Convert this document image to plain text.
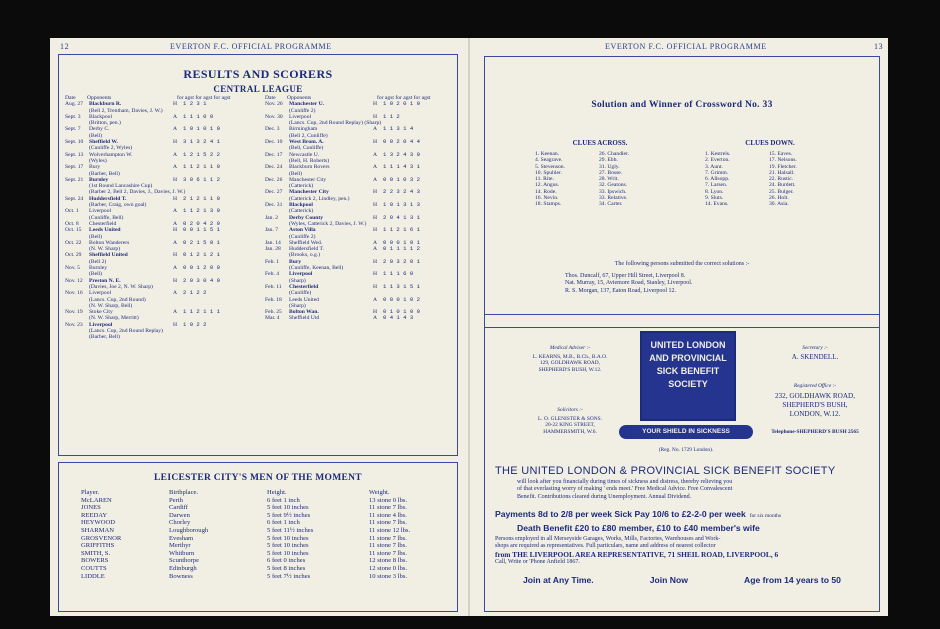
12	EVERTON F.C. OFFICIAL PROGRAMME
RESULTS AND SCORERS
CENTRAL LEAGUE
Date	Opponents	for agst for agst for agst
Aug. 27	Blackburn R.	H	1 2 3 1
	(Bell 2, Trentham, Davies, J. W.)		
Sept. 3	Blackpool	A	1 1 1 0 0
	(Britton, pen.)		
Sept. 7	Derby C.	A	1 0 1 0 1 0
	(Bell)		
Sept. 10	Sheffield W.	H	3 1 3 2 4 1
	(Cunliffe 2, Wyles)		
Sept. 13	Wolverhampton W.	A	1 2 1 5 2 2
	(Wyles)		
Sept. 17	Bury	A	1 1 2 1 1 0
	(Barber, Bell)		
Sept. 21	Burnley	H	3 0 6 1 1 2
	(1st Round Lancashire Cup)		
	(Barber 2, Bell 2, Davies, J., Davies, J. W.)		
Sept. 24	Huddersfield T.	H	2 1 2 1 1 0
	(Barber, Craig, own goal)		
Oct. 1	Liverpool	A	1 1 2 1 3 0
	(Cunliffe, Bell)		
Oct. 8	Chesterfield	A	0 2 0 4 2 0
Oct. 15	Leeds United	H	0 0 1 1 5 1
	(Bell)		
Oct. 22	Bolton Wanderers	A	0 2 1 5 0 1
	(N. W. Sharp)		
Oct. 29	Sheffield United	H	0 1 2 1 2 1
	(Bell 2)		
Nov. 5	Burnley	A	0 0 1 2 0 0
	(Bell)		
Nov. 12	Preston N. E.	H	2 0 3 0 4 0
	(Davies, Joe 2, N. W. Sharp)		
Nov. 16	Liverpool	A	2 1 2 2
	(Lancs. Cup, 2nd Round)		
	(N. W. Sharp, Bell)		
Nov. 19	Stoke City	A	1 1 2 1 1 1
	(N. W. Sharp, Merritt)		
Nov. 23	Liverpool	H	1 0 2 2
	(Lancs. Cup, 2nd Round Replay)		
	(Barber, Bell)		
Date	Opponents	for agst for agst for agst
Nov. 26	Manchester U.	H	1 0 2 0 1 0
	(Cunliffe 2)		
Nov. 30	Liverpool	H	1 1 2
	(Lancs. Cup, 2nd Round Replay) (Sharp)		
Dec. 3	Birmingham	A	1 1 3 1 4
	(Bell 2, Cunliffe)		
Dec. 10	West Brom. A.	H	0 0 2 0 4 4
	(Bell, Cunliffe)		
Dec. 17	Newcastle U.	A	1 3 2 4 3 0
	(Bell, H. Roberts)		
Dec. 24	Blackburn Rovers	A	1 1 1 4 3 1
	(Bell)		
Dec. 26	Manchester City	A	0 0 1 0 3 2
	(Catterick)		
Dec. 27	Manchester City	H	2 2 3 2 4 3
	(Catterick 2, Lindley, pen.)		
Dec. 31	Blackpool	H	1 0 1 3 1 3
	(Catterick)		
Jan. 2	Derby County	H	2 0 4 1 3 1
	(Wyles, Catterick 2, Davies, J. W.)		
Jan. 7	Aston Villa	H	1 1 2 1 6 1
	(Cunliffe 2)		
Jan. 14	Sheffield Wed.	A	0 0 0 1 0 1
Jan. 28	Huddersfield T.	A	0 1 1 1 1 2
	(Brooks, o.g.)		
Feb. 1	Bury	H	2 0 3 2 0 1
	(Cunliffe, Keenan, Bell)		
Feb. 4	Liverpool	H	1 1 1 6 0
	(Sharp)		
Feb. 11	Chesterfield	H	1 1 3 1 5 1
	(Cunliffe)		
Feb. 18	Leeds United	A	0 0 0 1 0 2
	(Sharp)		
Feb. 25	Bolton Wan.	H	0 1 0 1 0 0
Mar. 4	Sheffield Utd	A	0 4 1 4 3
LEICESTER CITY'S MEN OF THE MOMENT
Player.	Birthplace.	Height.	Weight.
McLAREN	Perth	6 feet 1 inch	13 stone 0 lbs.
JONES	Cardiff	5 feet 10 inches	11 stone 7 lbs.
REEDAY	Darwen	5 feet 9½ inches	11 stone 4 lbs.
HEYWOOD	Chorley	6 feet 1 inch	11 stone 7 lbs.
SHARMAN	Loughborough	5 feet 11½ inches	11 stone 12 lbs.
GROSVENOR	Evesham	5 feet 10 inches	11 stone 7 lbs.
GRIFFITHS	Merthyr	5 feet 10 inches	11 stone 7 lbs.
SMITH, S.	Whitburn	5 feet 10 inches	11 stone 7 lbs.
BOWERS	Scunthorpe	6 feet 0 inches	12 stone 8 lbs.
COUTTS	Edinburgh	5 feet 8 inches	12 stone 0 lbs.
LIDDLE	Bowness	5 feet 7½ inches	10 stone 3 lbs.
EVERTON F.C. OFFICIAL PROGRAMME	13
Solution and Winner of Crossword No. 33
CLUES ACROSS.
1. Keenan.	26. Chandler.
4. Seagrave.	29. Ebb.
5. Stevenson.	31. Ugly.
10. Spuhler.	27. Bosse.
11. Rite.	28. Writ.
12. Angus.	32. Geatons.
14. Rode.	33. Ipswich.
16. Nevin.	33. Relative.
18. Stamps.	34. Carter.
CLUES DOWN.
1. Kestrels.	15. Eaves.
2. Everton.	17. Nelsons.
3. Aunt.	19. Fletcher.
7. Grimm.	21. Halsall.
6. Allsopp.	22. Rustic.
7. Larsen.	24. Burdett.
8. Lyon.	25. Bulger.
9. Sluts.	26. Holt.
14. Evans.	30. Asia.
The following persons submitted the correct solutions :-
Thos. Duncalf, 67, Upper Hill Street, Liverpool 8.
Nat. Murray, 15, Aviemore Road, Stanley, Liverpool.
R. S. Morgan, 137, Eaton Road, Liverpool 12.
Medical Adviser :-
L. KEARNS, M.B., B.Ch., B.A.O.
129, GOLDHAWK ROAD,
SHEPHERD'S BUSH, W.12.
Solicitors :-
L. O. GLENISTER & SONS.
20-22 KING STREET,
HAMMERSMITH, W.6.
UNITED LONDON
AND PROVINCIAL
SICK BENEFIT
SOCIETY
YOUR SHIELD IN SICKNESS
(Reg. No. 1729 London).
Secretary :-
A. SKENDELL.
Registered Office :-
232, GOLDHAWK ROAD,
SHEPHERD'S BUSH,
LONDON, W.12.
Telephone-SHEPHERD'S BUSH 2565
THE UNITED LONDON & PROVINCIAL SICK BENEFIT SOCIETY
will look after you financially during times of sickness and distress, thereby relieving you
of that everlasting worry of making ' ends meet.' Free Medical Advice. Free Convalescent
Benefit. Contributions cleared during Unemployment. Annual Dividend.
Payments 8d to 2/8 per week Sick Pay 10/6 to £2-2-0 per week for six months
Death Benefit £20 to £80 member, £10 to £40 member's wife
Persons employed in all Merseyside Garages, Works, Mills, Factories, Warehouses and Work-
shops are required as representatives. Full particulars, name and address of nearest collector
from THE LIVERPOOL AREA REPRESENTATIVE, 71 SHEIL ROAD, LIVERPOOL, 6
Call, Write or 'Phone Anfield 1867.
Join at Any Time.	Join Now	Age from 14 years to 50
